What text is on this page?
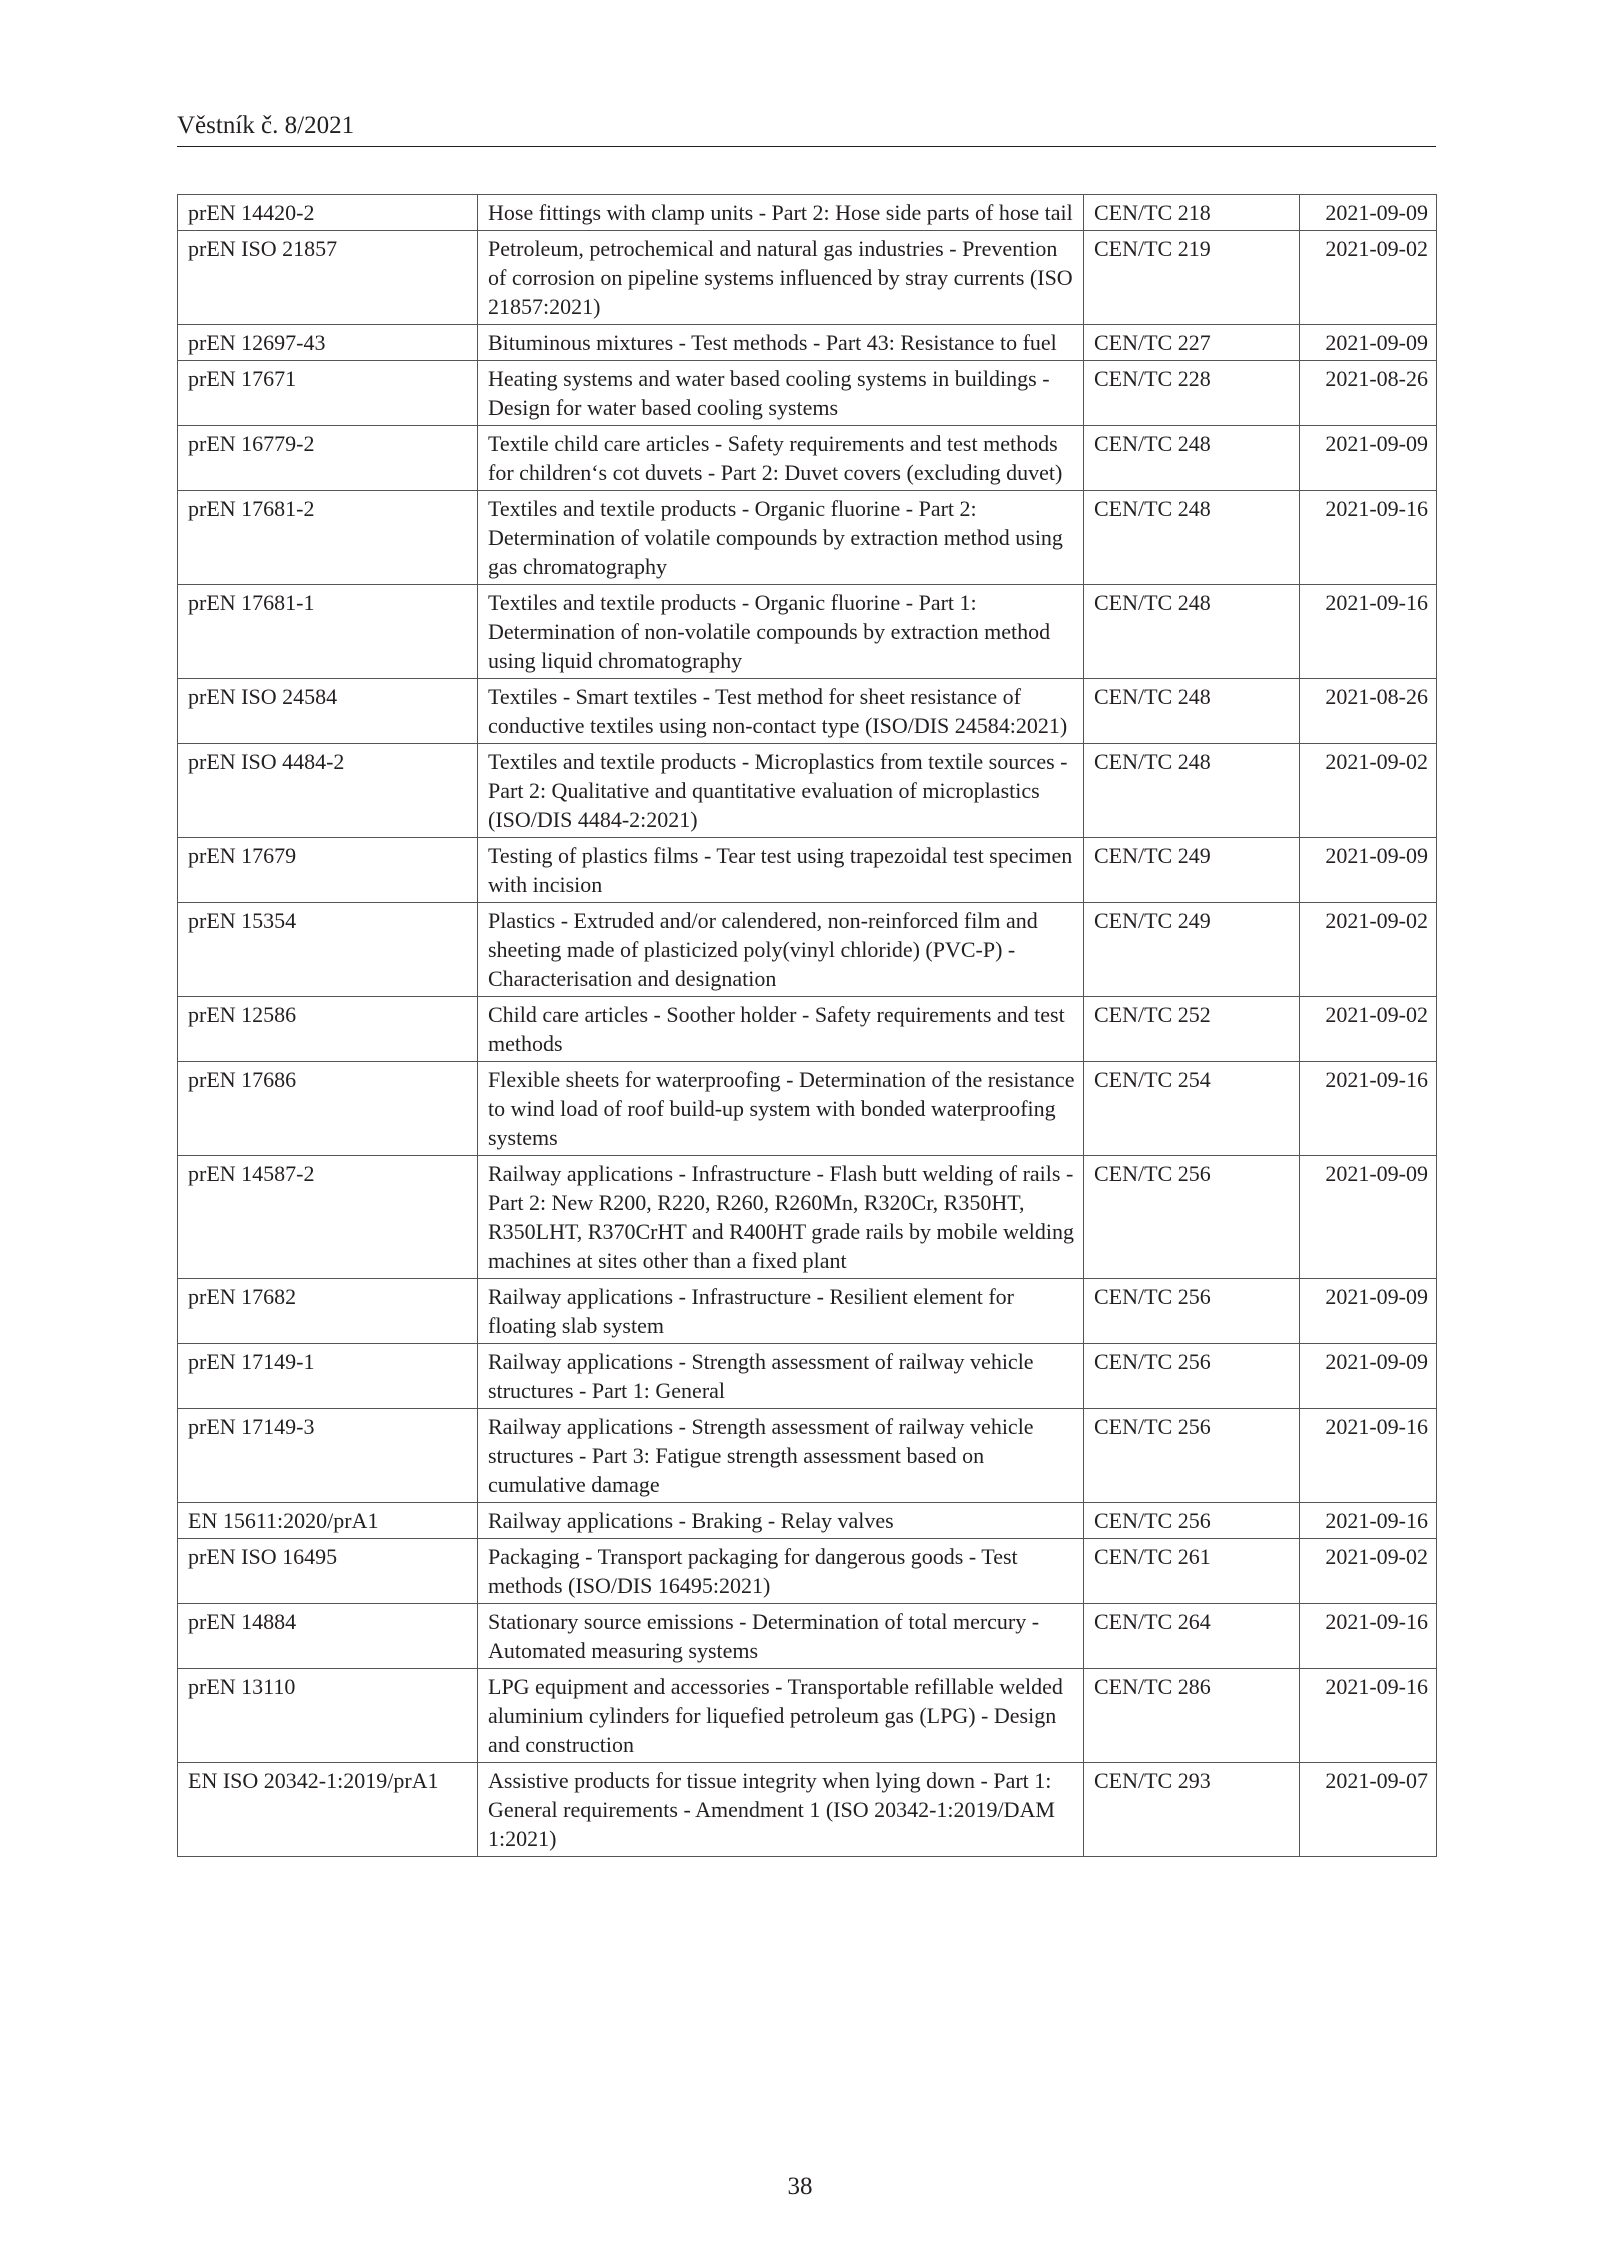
Věstník č. 8/2021
prEN 14420-2	Hose fittings with clamp units - Part 2: Hose side parts of hose tail	CEN/TC 218	2021-09-09
prEN ISO 21857	Petroleum, petrochemical and natural gas industries - Prevention of corrosion on pipeline systems influenced by stray currents (ISO 21857:2021)	CEN/TC 219	2021-09-02
prEN 12697-43	Bituminous mixtures - Test methods - Part 43: Resistance to fuel	CEN/TC 227	2021-09-09
prEN 17671	Heating systems and water based cooling systems in buildings - Design for water based cooling systems	CEN/TC 228	2021-08-26
prEN 16779-2	Textile child care articles - Safety requirements and test methods for children‘s cot duvets - Part 2: Duvet covers (excluding duvet)	CEN/TC 248	2021-09-09
prEN 17681-2	Textiles and textile products - Organic fluorine - Part 2: Determination of volatile compounds by extraction method using gas chromatography	CEN/TC 248	2021-09-16
prEN 17681-1	Textiles and textile products - Organic fluorine - Part 1: Determination of non-volatile compounds by extraction method using liquid chromatography	CEN/TC 248	2021-09-16
prEN ISO 24584	Textiles - Smart textiles - Test method for sheet resistance of conductive textiles using non-contact type (ISO/DIS 24584:2021)	CEN/TC 248	2021-08-26
prEN ISO 4484-2	Textiles and textile products - Microplastics from textile sources - Part 2: Qualitative and quantitative evaluation of microplastics (ISO/DIS 4484-2:2021)	CEN/TC 248	2021-09-02
prEN 17679	Testing of plastics films - Tear test using trapezoidal test specimen with incision	CEN/TC 249	2021-09-09
prEN 15354	Plastics - Extruded and/or calendered, non-reinforced film and sheeting made of plasticized poly(vinyl chloride) (PVC-P) - Characterisation and designation	CEN/TC 249	2021-09-02
prEN 12586	Child care articles - Soother holder - Safety requirements and test methods	CEN/TC 252	2021-09-02
prEN 17686	Flexible sheets for waterproofing - Determination of the resistance to wind load of roof build-up system with bonded waterproofing systems	CEN/TC 254	2021-09-16
prEN 14587-2	Railway applications - Infrastructure - Flash butt welding of rails - Part 2: New R200, R220, R260, R260Mn, R320Cr, R350HT, R350LHT, R370CrHT and R400HT grade rails by mobile welding machines at sites other than a fixed plant	CEN/TC 256	2021-09-09
prEN 17682	Railway applications - Infrastructure - Resilient element for floating slab system	CEN/TC 256	2021-09-09
prEN 17149-1	Railway applications - Strength assessment of railway vehicle structures - Part 1: General	CEN/TC 256	2021-09-09
prEN 17149-3	Railway applications - Strength assessment of railway vehicle structures - Part 3: Fatigue strength assessment based on cumulative damage	CEN/TC 256	2021-09-16
EN 15611:2020/prA1	Railway applications - Braking - Relay valves	CEN/TC 256	2021-09-16
prEN ISO 16495	Packaging - Transport packaging for dangerous goods - Test methods (ISO/DIS 16495:2021)	CEN/TC 261	2021-09-02
prEN 14884	Stationary source emissions - Determination of total mercury - Automated measuring systems	CEN/TC 264	2021-09-16
prEN 13110	LPG equipment and accessories - Transportable refillable welded aluminium cylinders for liquefied petroleum gas (LPG) - Design and construction	CEN/TC 286	2021-09-16
EN ISO 20342-1:2019/prA1	Assistive products for tissue integrity when lying down - Part 1: General requirements - Amendment 1 (ISO 20342-1:2019/DAM 1:2021)	CEN/TC 293	2021-09-07
38
